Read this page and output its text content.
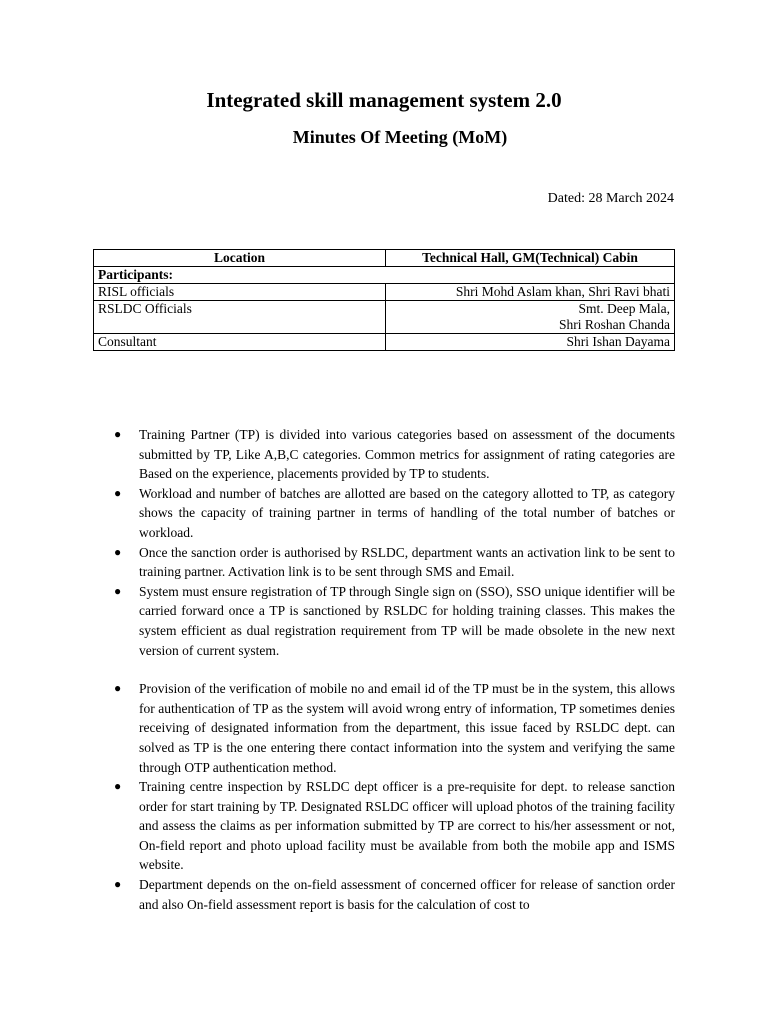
Integrated skill management system 2.0
Minutes Of Meeting (MoM)
Dated: 28 March 2024
Location	Technical Hall, GM(Technical) Cabin
Participants:	
RISL officials	Shri Mohd Aslam khan, Shri Ravi bhati
RSLDC Officials	Smt. Deep Mala,
Shri Roshan Chanda
Consultant	Shri Ishan Dayama
● Training Partner (TP) is divided into various categories based on assessment of the documents submitted by TP, Like A,B,C categories. Common metrics for assignment of rating categories are Based on the experience, placements provided by TP to students.
● Workload and number of batches are allotted are based on the category allotted to TP, as category shows the capacity of training partner in terms of handling of the total number of batches or workload.
● Once the sanction order is authorised by RSLDC, department wants an activation link to be sent to training partner. Activation link is to be sent through SMS and Email.
● System must ensure registration of TP through Single sign on (SSO), SSO unique identifier will be carried forward once a TP is sanctioned by RSLDC for holding training classes. This makes the system efficient as dual registration requirement from TP will be made obsolete in the new next version of current system.
● Provision of the verification of mobile no and email id of the TP must be in the system, this allows for authentication of TP as the system will avoid wrong entry of information, TP sometimes denies receiving of designated information from the department, this issue faced by RSLDC dept. can solved as TP is the one entering there contact information into the system and verifying the same through OTP authentication method.
● Training centre inspection by RSLDC dept officer is a pre-requisite for dept. to release sanction order for start training by TP. Designated RSLDC officer will upload photos of the training facility and assess the claims as per information submitted by TP are correct to his/her assessment or not, On-field report and photo upload facility must be available from both the mobile app and ISMS website.
● Department depends on the on-field assessment of concerned officer for release of sanction order and also On-field assessment report is basis for the calculation of cost to
